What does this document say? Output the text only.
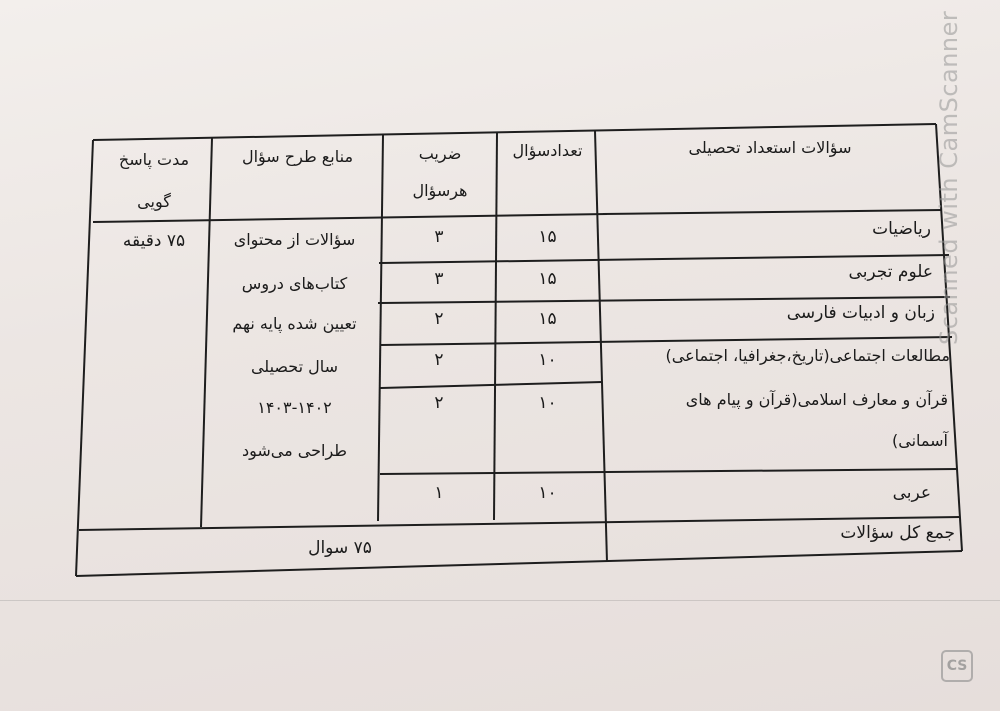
سؤالات استعداد تحصیلی
تعدادسؤال
ضریب
هرسؤال
منابع طرح سؤال
مدت پاسخ
گویی
ریاضیات
۱۵
۳
علوم تجربی
۱۵
۳
زبان و ادبیات فارسی
۱۵
۲
مطالعات اجتماعی(تاریخ،جغرافیا، اجتماعی)
۱۰
۲
قرآن و معارف اسلامی(قرآن و پیام های
آسمانی)
۱۰
۲
عربی
۱۰
۱
سؤالات از محتوای
کتاب‌های دروس
تعیین شده پایه نهم
سال تحصیلی
۱۴۰۳-۱۴۰۲
طراحی می‌شود
۷۵ دقیقه
جمع کل سؤالات
۷۵ سوال
Scanned with CamScanner
CS
